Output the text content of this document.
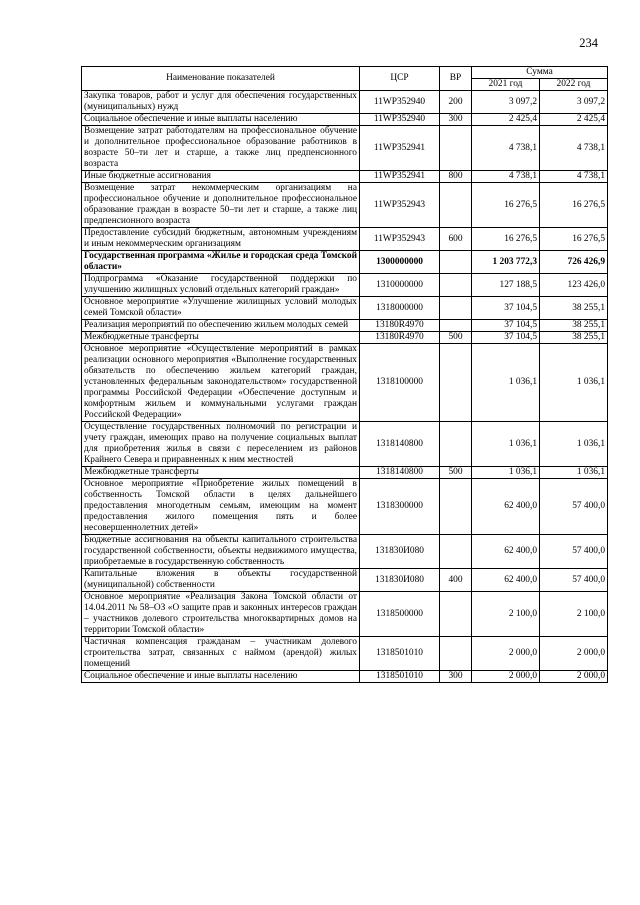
234
Наименование показателей	ЦСР	ВР	Сумма	
			2021 год	2022 год
Закупка товаров, работ и услуг для обеспечения государственных (муниципальных) нужд	11WP352940	200	3 097,2	3 097,2
Социальное обеспечение и иные выплаты населению	11WP352940	300	2 425,4	2 425,4
Возмещение затрат работодателям на профессиональное обучение и дополнительное профессиональное образование работников в возрасте 50–ти лет и старше, а также лиц предпенсионного возраста	11WP352941		4 738,1	4 738,1
Иные бюджетные ассигнования	11WP352941	800	4 738,1	4 738,1
Возмещение затрат некоммерческим организациям на профессиональное обучение и дополнительное профессиональное образование граждан в возрасте 50–ти лет и старше, а также лиц предпенсионного возраста	11WP352943		16 276,5	16 276,5
Предоставление субсидий бюджетным, автономным учреждениям и иным некоммерческим организациям	11WP352943	600	16 276,5	16 276,5
Государственная программа «Жилье и городская среда Томской области»	1300000000		1 203 772,3	726 426,9
Подпрограмма «Оказание государственной поддержки по улучшению жилищных условий отдельных категорий граждан»	1310000000		127 188,5	123 426,0
Основное мероприятие «Улучшение жилищных условий молодых семей Томской области»	1318000000		37 104,5	38 255,1
Реализация мероприятий по обеспечению жильем молодых семей	13180R4970		37 104,5	38 255,1
Межбюджетные трансферты	13180R4970	500	37 104,5	38 255,1
Основное мероприятие «Осуществление мероприятий в рамках реализации основного мероприятия «Выполнение государственных обязательств по обеспечению жильем категорий граждан, установленных федеральным законодательством» государственной программы Российской Федерации «Обеспечение доступным и комфортным жильем и коммунальными услугами граждан Российской Федерации»	1318100000		1 036,1	1 036,1
Осуществление государственных полномочий по регистрации и учету граждан, имеющих право на получение социальных выплат для приобретения жилья в связи с переселением из районов Крайнего Севера и приравненных к ним местностей	1318140800		1 036,1	1 036,1
Межбюджетные трансферты	1318140800	500	1 036,1	1 036,1
Основное мероприятие «Приобретение жилых помещений в собственность Томской области в целях дальнейшего предоставления многодетным семьям, имеющим на момент предоставления жилого помещения пять и более несовершеннолетних детей»	1318300000		62 400,0	57 400,0
Бюджетные ассигнования на объекты капитального строительства государственной собственности, объекты недвижимого имущества, приобретаемые в государственную собственность	131830И080		62 400,0	57 400,0
Капитальные вложения в объекты государственной (муниципальной) собственности	131830И080	400	62 400,0	57 400,0
Основное мероприятие «Реализация Закона Томской области от 14.04.2011 № 58–ОЗ «О защите прав и законных интересов граждан – участников долевого строительства многоквартирных домов на территории Томской области»	1318500000		2 100,0	2 100,0
Частичная компенсация гражданам – участникам долевого строительства затрат, связанных с наймом (арендой) жилых помещений	1318501010		2 000,0	2 000,0
Социальное обеспечение и иные выплаты населению	1318501010	300	2 000,0	2 000,0
